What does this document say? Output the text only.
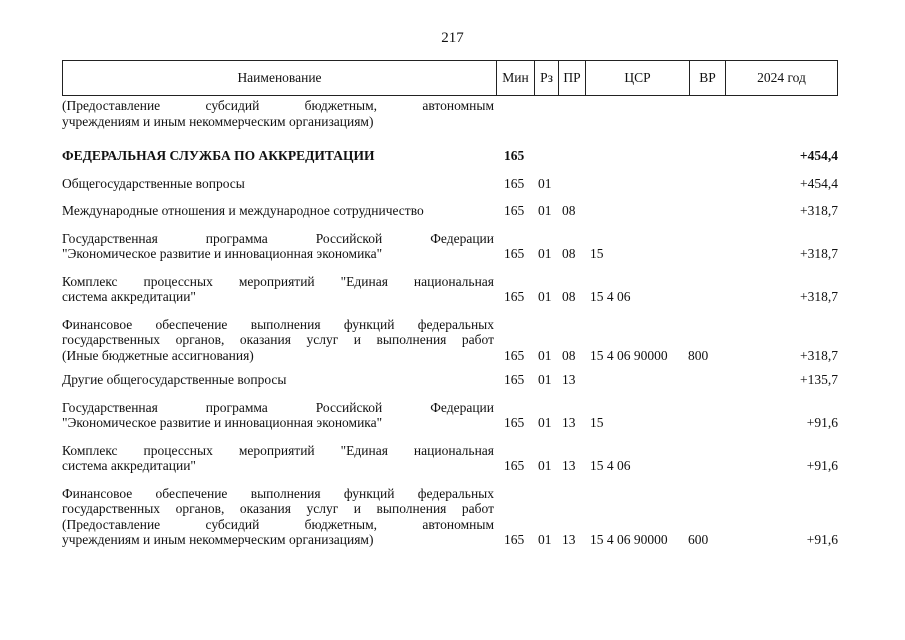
217
Наименование	Мин Рз ПР	ЦСР	ВР	2024 год
(Предоставление субсидий бюджетным, автономным
учреждениям и иным некоммерческим организациям)
ФЕДЕРАЛЬНАЯ СЛУЖБА ПО АККРЕДИТАЦИИ	165	+454,4
Общегосударственные вопросы	165	01	+454,4
Международные отношения и международное сотрудничество	165	01 08	+318,7
Государственная программа Российской Федерации
"Экономическое развитие и инновационная экономика"	165	01 08	15	+318,7
Комплекс процессных мероприятий "Единая национальная
система аккредитации"	165	01 08	15 4 06	+318,7
Финансовое обеспечение выполнения функций федеральных
государственных органов, оказания услуг и выполнения работ
(Иные бюджетные ассигнования)	165	01 08	15 4 06 90000	800	+318,7
Другие общегосударственные вопросы	165	01 13	+135,7
Государственная программа Российской Федерации
"Экономическое развитие и инновационная экономика"	165	01 13	15	+91,6
Комплекс процессных мероприятий "Единая национальная
система аккредитации"	165	01 13	15 4 06	+91,6
Финансовое обеспечение выполнения функций федеральных
государственных органов, оказания услуг и выполнения работ
(Предоставление субсидий бюджетным, автономным
учреждениям и иным некоммерческим организациям)	165	01 13	15 4 06 90000	600	+91,6
